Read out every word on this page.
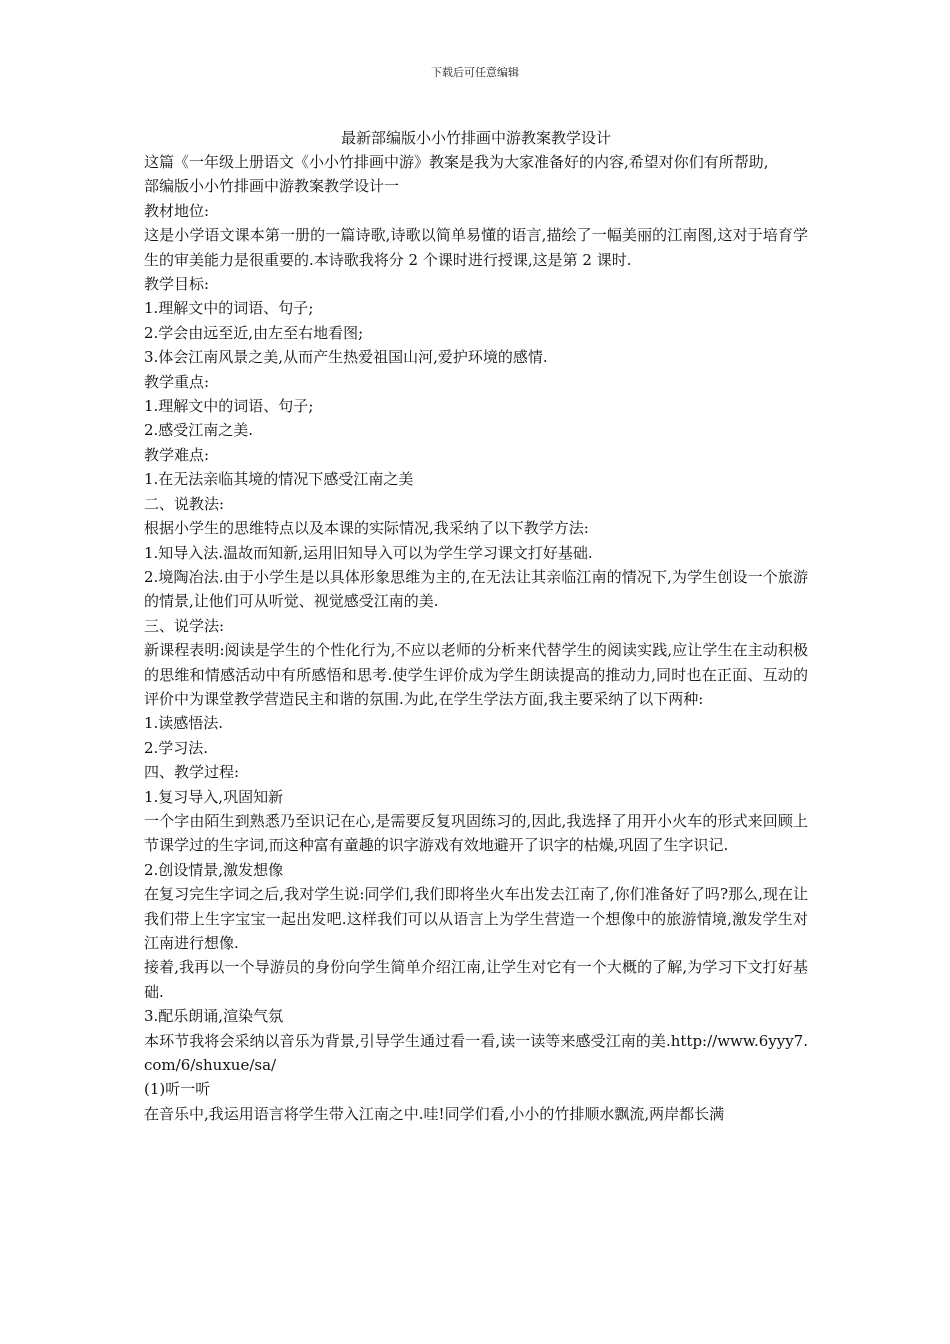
下载后可任意编辑
最新部编版小小竹排画中游教案教学设计

这篇《一年级上册语文《小小竹排画中游》教案是我为大家准备好的内容,希望对你们有所帮助,

部编版小小竹排画中游教案教学设计一

教材地位:

这是小学语文课本第一册的一篇诗歌,诗歌以简单易懂的语言,描绘了一幅美丽的江南图,这对于培育学生的审美能力是很重要的.本诗歌我将分 2 个课时进行授课,这是第 2 课时.

教学目标:

1.理解文中的词语、句子;

2.学会由远至近,由左至右地看图;

3.体会江南风景之美,从而产生热爱祖国山河,爱护环境的感情.

教学重点:

1.理解文中的词语、句子;

2.感受江南之美.

教学难点:

1.在无法亲临其境的情况下感受江南之美

二、说教法:

根据小学生的思维特点以及本课的实际情况,我采纳了以下教学方法:

1.知导入法.温故而知新,运用旧知导入可以为学生学习课文打好基础.

2.境陶冶法.由于小学生是以具体形象思维为主的,在无法让其亲临江南的情况下,为学生创设一个旅游的情景,让他们可从听觉、视觉感受江南的美.

三、说学法:

新课程表明:阅读是学生的个性化行为,不应以老师的分析来代替学生的阅读实践,应让学生在主动积极的思维和情感活动中有所感悟和思考.使学生评价成为学生朗读提高的推动力,同时也在正面、互动的评价中为课堂教学营造民主和谐的氛围.为此,在学生学法方面,我主要采纳了以下两种:

1.读感悟法.

2.学习法.

四、教学过程:

1.复习导入,巩固知新

一个字由陌生到熟悉乃至识记在心,是需要反复巩固练习的,因此,我选择了用开小火车的形式来回顾上节课学过的生字词,而这种富有童趣的识字游戏有效地避开了识字的枯燥,巩固了生字识记.

2.创设情景,激发想像

在复习完生字词之后,我对学生说:同学们,我们即将坐火车出发去江南了,你们准备好了吗?那么,现在让我们带上生字宝宝一起出发吧.这样我们可以从语言上为学生营造一个想像中的旅游情境,激发学生对江南进行想像.

接着,我再以一个导游员的身份向学生简单介绍江南,让学生对它有一个大概的了解,为学习下文打好基础.

3.配乐朗诵,渲染气氛

本环节我将会采纳以音乐为背景,引导学生通过看一看,读一读等来感受江南的美.http://www.6yyy7.com/6/shuxue/sa/

(1)听一听

在音乐中,我运用语言将学生带入江南之中.哇!同学们看,小小的竹排顺水飘流,两岸都长满
